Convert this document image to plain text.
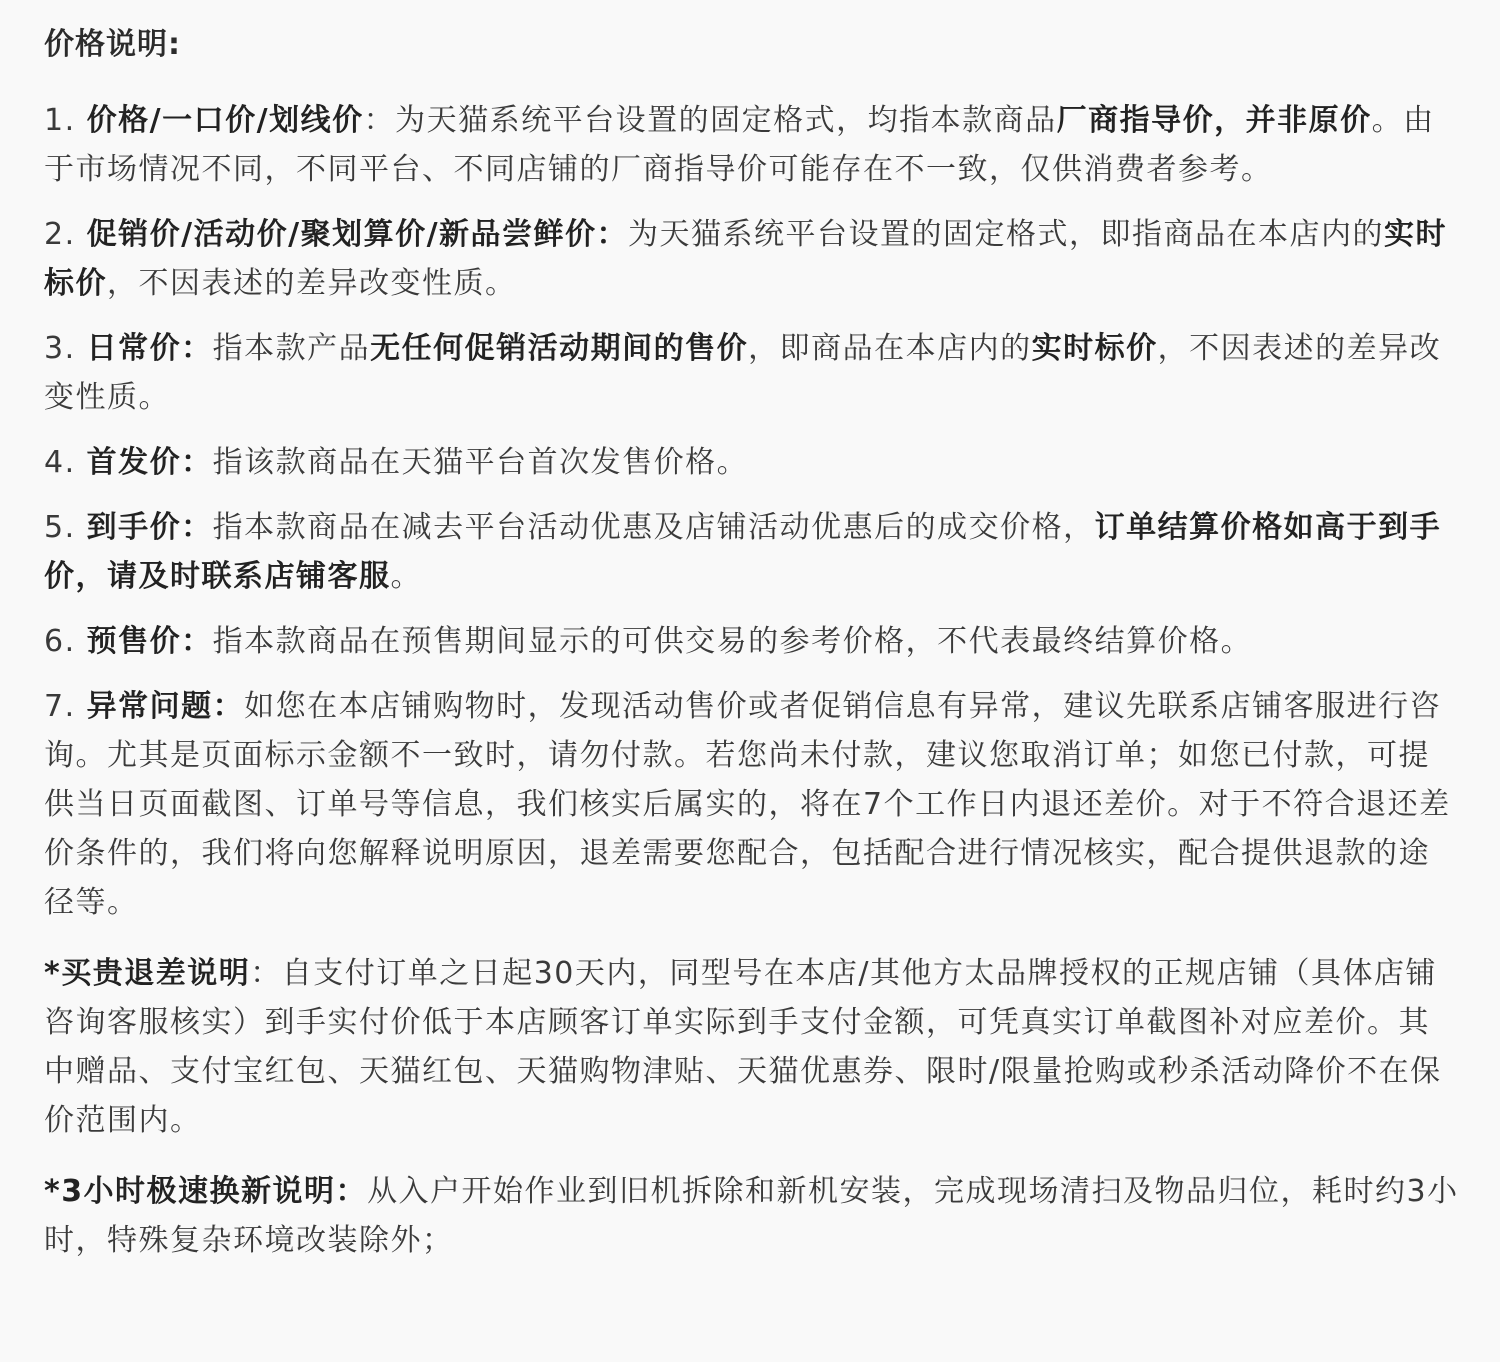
价格说明:
1. 价格/一口价/划线价：为天猫系统平台设置的固定格式，均指本款商品厂商指导价，并非原价。由于市场情况不同，不同平台、不同店铺的厂商指导价可能存在不一致，仅供消费者参考。
2. 促销价/活动价/聚划算价/新品尝鲜价：为天猫系统平台设置的固定格式，即指商品在本店内的实时标价，不因表述的差异改变性质。
3. 日常价：指本款产品无任何促销活动期间的售价，即商品在本店内的实时标价，不因表述的差异改变性质。
4. 首发价：指该款商品在天猫平台首次发售价格。
5. 到手价：指本款商品在减去平台活动优惠及店铺活动优惠后的成交价格，订单结算价格如高于到手价，请及时联系店铺客服。
6. 预售价：指本款商品在预售期间显示的可供交易的参考价格，不代表最终结算价格。
7. 异常问题：如您在本店铺购物时，发现活动售价或者促销信息有异常，建议先联系店铺客服进行咨询。尤其是页面标示金额不一致时，请勿付款。若您尚未付款，建议您取消订单；如您已付款，可提供当日页面截图、订单号等信息，我们核实后属实的，将在7个工作日内退还差价。对于不符合退还差价条件的，我们将向您解释说明原因，退差需要您配合，包括配合进行情况核实，配合提供退款的途径等。
*买贵退差说明：自支付订单之日起30天内，同型号在本店/其他方太品牌授权的正规店铺（具体店铺咨询客服核实）到手实付价低于本店顾客订单实际到手支付金额，可凭真实订单截图补对应差价。其中赠品、支付宝红包、天猫红包、天猫购物津贴、天猫优惠券、限时/限量抢购或秒杀活动降价不在保价范围内。
*3小时极速换新说明：从入户开始作业到旧机拆除和新机安装，完成现场清扫及物品归位，耗时约3小时，特殊复杂环境改装除外；
